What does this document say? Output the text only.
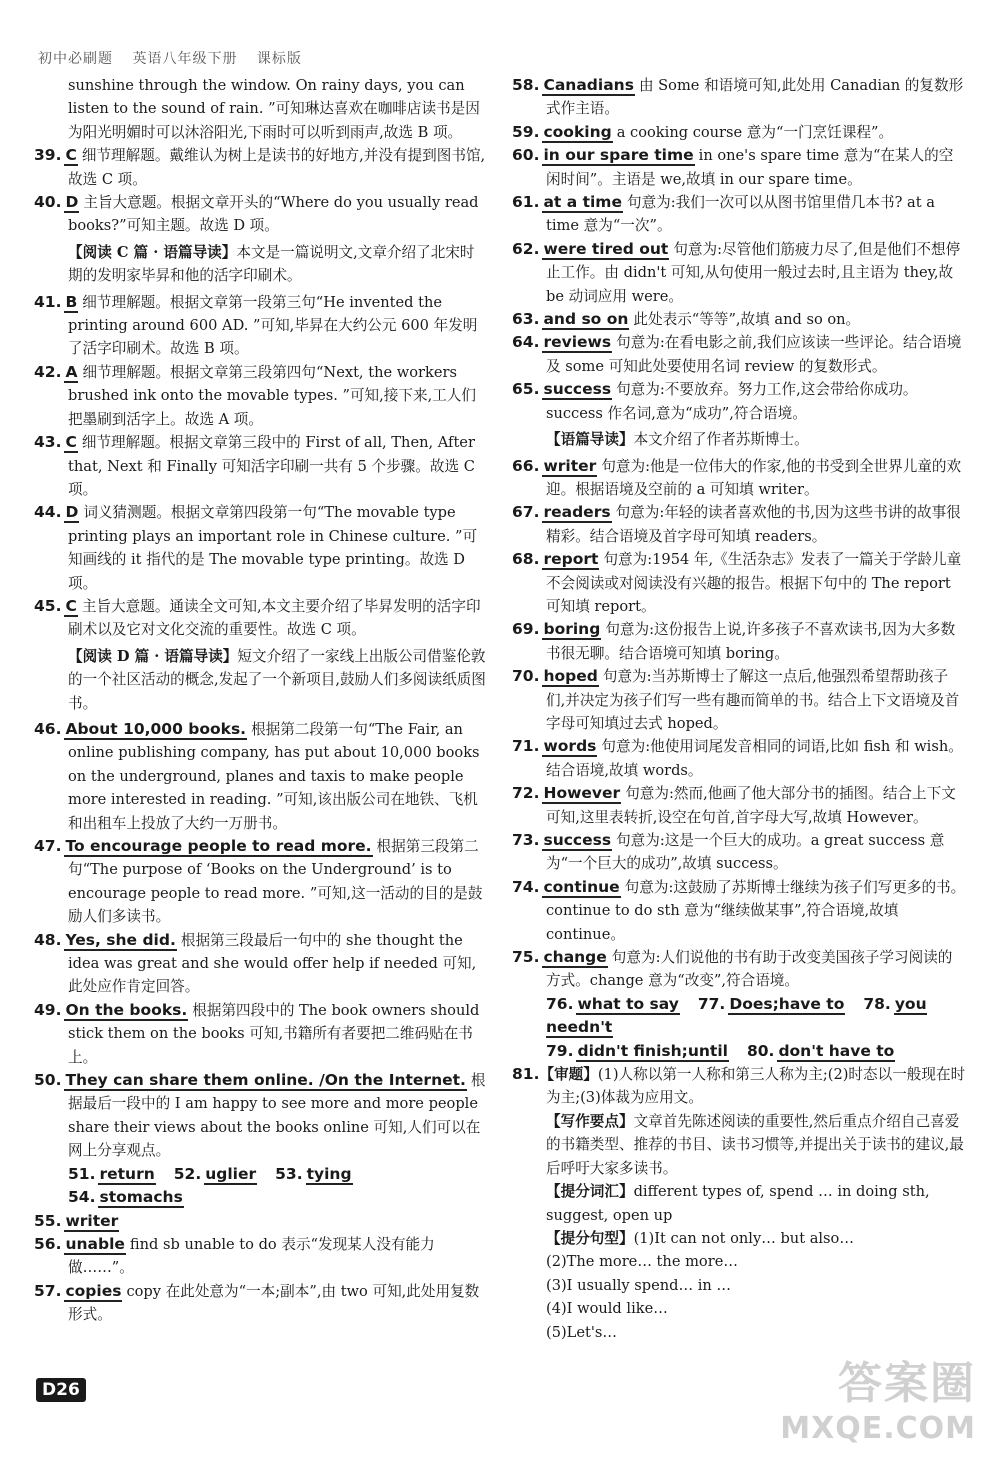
初中必刷题 英语八年级下册 课标版

sunshine through the window. On rainy days, you can listen to the sound of rain. ”可知琳达喜欢在咖啡店读书是因为阳光明媚时可以沐浴阳光,下雨时可以听到雨声,故选 B 项。

39. C 细节理解题。戴维认为树上是读书的好地方,并没有提到图书馆,故选 C 项。

40. D 主旨大意题。根据文章开头的“Where do you usually read books?”可知主题。故选 D 项。

【阅读 C 篇 · 语篇导读】本文是一篇说明文,文章介绍了北宋时期的发明家毕昇和他的活字印刷术。

41. B 细节理解题。根据文章第一段第三句“He invented the printing around 600 AD. ”可知,毕昇在大约公元 600 年发明了活字印刷术。故选 B 项。

42. A 细节理解题。根据文章第三段第四句“Next, the workers brushed ink onto the movable types. ”可知,接下来,工人们把墨刷到活字上。故选 A 项。

43. C 细节理解题。根据文章第三段中的 First of all, Then, After that, Next 和 Finally 可知活字印刷一共有 5 个步骤。故选 C 项。

44. D 词义猜测题。根据文章第四段第一句“The movable type printing plays an important role in Chinese culture. ”可知画线的 it 指代的是 The movable type printing。故选 D 项。

45. C 主旨大意题。通读全文可知,本文主要介绍了毕昇发明的活字印刷术以及它对文化交流的重要性。故选 C 项。

【阅读 D 篇 · 语篇导读】短文介绍了一家线上出版公司借鉴伦敦的一个社区活动的概念,发起了一个新项目,鼓励人们多阅读纸质图书。

46. About 10,000 books. 根据第二段第一句“The Fair, an online publishing company, has put about 10,000 books on the underground, planes and taxis to make people more interested in reading. ”可知,该出版公司在地铁、飞机和出租车上投放了大约一万册书。

47. To encourage people to read more. 根据第三段第二句“The purpose of ‘Books on the Underground’ is to encourage people to read more. ”可知,这一活动的目的是鼓励人们多读书。

48. Yes, she did. 根据第三段最后一句中的 she thought the idea was great and she would offer help if needed 可知,此处应作肯定回答。

49. On the books. 根据第四段中的 The book owners should stick them on the books 可知,书籍所有者要把二维码贴在书上。

50. They can share them online. /On the Internet. 根据最后一段中的 I am happy to see more and more people share their views about the books online 可知,人们可以在网上分享观点。

51. return 52. uglier 53. tying54. stomachs

55. writer

56. unable find sb unable to do 表示“发现某人没有能力做……”。

57. copies copy 在此处意为“一本;副本”,由 two 可知,此处用复数形式。

58. Canadians 由 Some 和语境可知,此处用 Canadian 的复数形式作主语。

59. cooking a cooking course 意为“一门烹饪课程”。

60. in our spare time in one's spare time 意为“在某人的空闲时间”。主语是 we,故填 in our spare time。

61. at a time 句意为:我们一次可以从图书馆里借几本书? at a time 意为“一次”。

62. were tired out 句意为:尽管他们筋疲力尽了,但是他们不想停止工作。由 didn't 可知,从句使用一般过去时,且主语为 they,故 be 动词应用 were。

63. and so on 此处表示“等等”,故填 and so on。

64. reviews 句意为:在看电影之前,我们应该读一些评论。结合语境及 some 可知此处要使用名词 review 的复数形式。

65. success 句意为:不要放弃。努力工作,这会带给你成功。success 作名词,意为“成功”,符合语境。

【语篇导读】本文介绍了作者苏斯博士。

66. writer 句意为:他是一位伟大的作家,他的书受到全世界儿童的欢迎。根据语境及空前的 a 可知填 writer。

67. readers 句意为:年轻的读者喜欢他的书,因为这些书讲的故事很精彩。结合语境及首字母可知填 readers。

68. report 句意为:1954 年,《生活杂志》发表了一篇关于学龄儿童不会阅读或对阅读没有兴趣的报告。根据下句中的 The report 可知填 report。

69. boring 句意为:这份报告上说,许多孩子不喜欢读书,因为大多数书很无聊。结合语境可知填 boring。

70. hoped 句意为:当苏斯博士了解这一点后,他强烈希望帮助孩子们,并决定为孩子们写一些有趣而简单的书。结合上下文语境及首字母可知填过去式 hoped。

71. words 句意为:他使用词尾发音相同的词语,比如 fish 和 wish。结合语境,故填 words。

72. However 句意为:然而,他画了他大部分书的插图。结合上下文可知,这里表转折,设空在句首,首字母大写,故填 However。

73. success 句意为:这是一个巨大的成功。a great success 意为“一个巨大的成功”,故填 success。

74. continue 句意为:这鼓励了苏斯博士继续为孩子们写更多的书。continue to do sth 意为“继续做某事”,符合语境,故填 continue。

75. change 句意为:人们说他的书有助于改变美国孩子学习阅读的方式。change 意为“改变”,符合语境。

76. what to say 77. Does;have to 78. you needn't

79. didn't finish;until 80. don't have to

81.【审题】(1)人称以第一人称和第三人称为主;(2)时态以一般现在时为主;(3)体裁为应用文。

【写作要点】文章首先陈述阅读的重要性,然后重点介绍自己喜爱的书籍类型、推荐的书目、读书习惯等,并提出关于读书的建议,最后呼吁大家多读书。

【提分词汇】different types of, spend … in doing sth, suggest, open up

【提分句型】(1)It can not only… but also…

(2)The more… the more…

(3)I usually spend… in …

(4)I would like…

(5)Let's…

D26	答案圈
MXQE.COM
